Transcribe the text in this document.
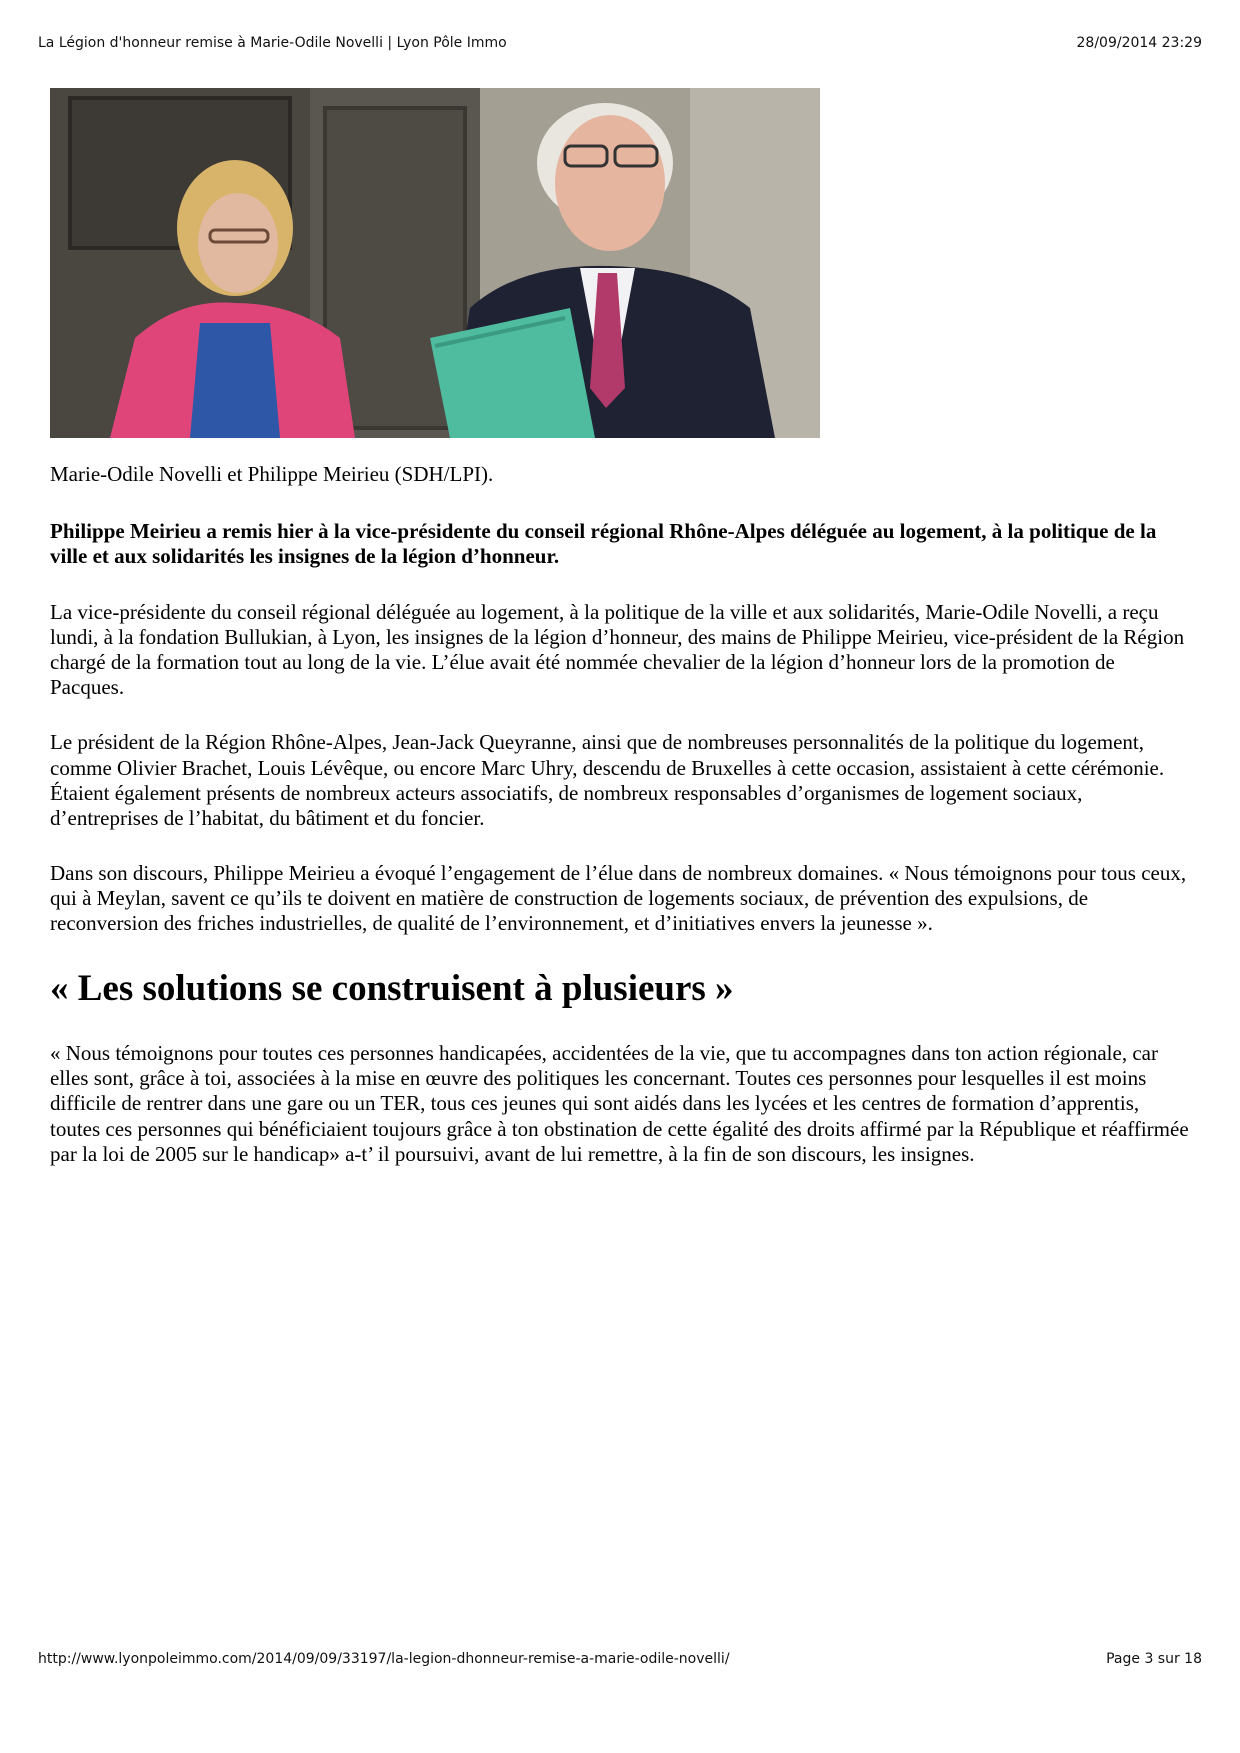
La Légion d'honneur remise à Marie-Odile Novelli | Lyon Pôle Immo	28/09/2014 23:29

Marie-Odile Novelli et Philippe Meirieu (SDH/LPI).

Philippe Meirieu a remis hier à la vice-présidente du conseil régional Rhône-Alpes déléguée au logement, à la politique de la ville et aux solidarités les insignes de la légion d’honneur.

La vice-présidente du conseil régional déléguée au logement, à la politique de la ville et aux solidarités, Marie-Odile Novelli, a reçu lundi, à la fondation Bullukian, à Lyon, les insignes de la légion d’honneur, des mains de Philippe Meirieu, vice-président de la Région chargé de la formation tout au long de la vie. L’élue avait été nommée chevalier de la légion d’honneur lors de la promotion de Pacques.

Le président de la Région Rhône-Alpes, Jean-Jack Queyranne, ainsi que de nombreuses personnalités de la politique du logement, comme Olivier Brachet, Louis Lévêque, ou encore Marc Uhry, descendu de Bruxelles à cette occasion, assistaient à cette cérémonie. Étaient également présents de nombreux acteurs associatifs, de nombreux responsables d’organismes de logement sociaux, d’entreprises de l’habitat, du bâtiment et du foncier.

Dans son discours, Philippe Meirieu a évoqué l’engagement de l’élue dans de nombreux domaines. « Nous témoignons pour tous ceux, qui à Meylan, savent ce qu’ils te doivent en matière de construction de logements sociaux, de prévention des expulsions, de reconversion des friches industrielles, de qualité de l’environnement, et d’initiatives envers la jeunesse ».

« Les solutions se construisent à plusieurs »

« Nous témoignons pour toutes ces personnes handicapées, accidentées de la vie, que tu accompagnes dans ton action régionale, car elles sont, grâce à toi, associées à la mise en œuvre des politiques les concernant. Toutes ces personnes pour lesquelles il est moins difficile de rentrer dans une gare ou un TER, tous ces jeunes qui sont aidés dans les lycées et les centres de formation d’apprentis, toutes ces personnes qui bénéficiaient toujours grâce à ton obstination de cette égalité des droits affirmé par la République et réaffirmée par la loi de 2005 sur le handicap» a-t’ il poursuivi, avant de lui remettre, à la fin de son discours, les insignes.

http://www.lyonpoleimmo.com/2014/09/09/33197/la-legion-dhonneur-remise-a-marie-odile-novelli/	Page 3 sur 18
